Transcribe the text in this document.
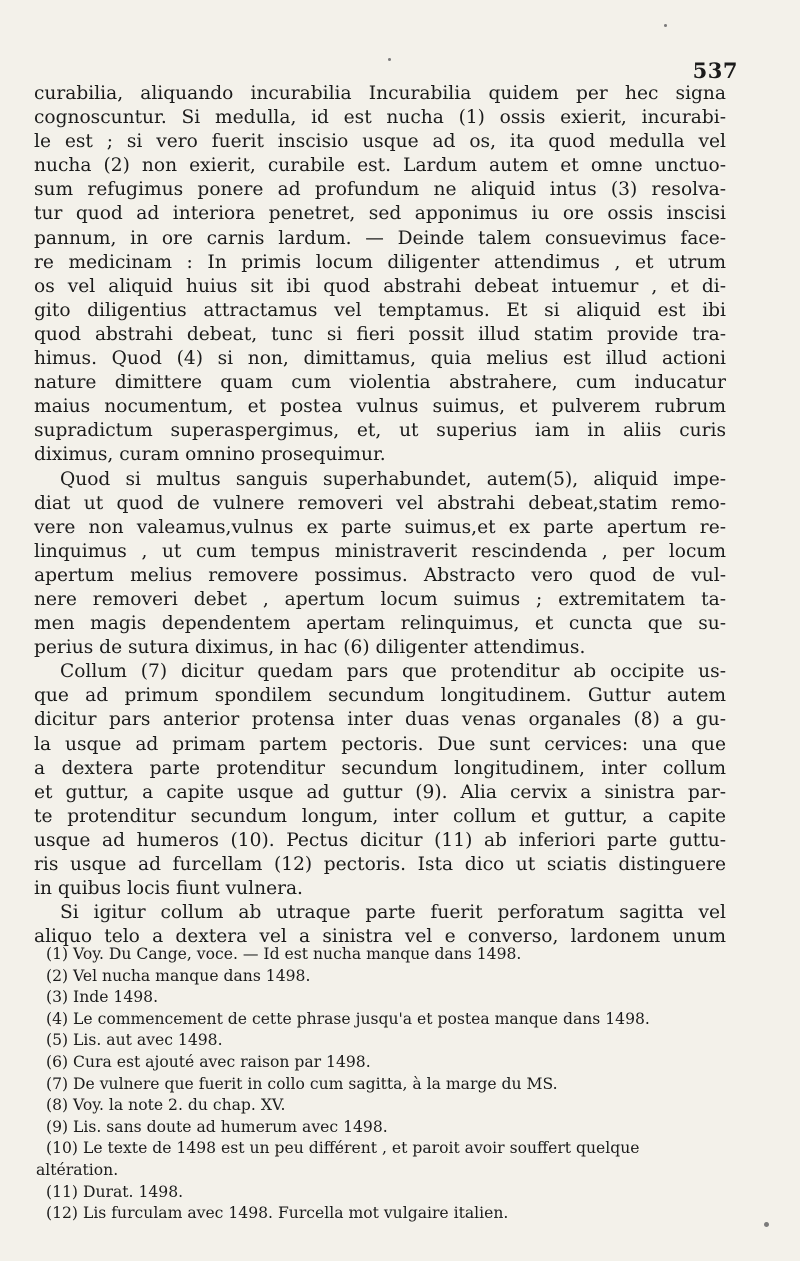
537
curabilia, aliquando incurabilia Incurabilia quidem per hec signa
cognoscuntur. Si medulla, id est nucha (1) ossis exierit, incurabi-
le est ; si vero fuerit inscisio usque ad os, ita quod medulla vel
nucha (2) non exierit, curabile est. Lardum autem et omne unctuo-
sum refugimus ponere ad profundum ne aliquid intus (3) resolva-
tur quod ad interiora penetret, sed apponimus iu ore ossis inscisi
pannum, in ore carnis lardum. — Deinde talem consuevimus face-
re medicinam : In primis locum diligenter attendimus , et utrum
os vel aliquid huius sit ibi quod abstrahi debeat intuemur , et di-
gito diligentius attractamus vel temptamus. Et si aliquid est ibi
quod abstrahi debeat, tunc si fieri possit illud statim provide tra-
himus. Quod (4) si non, dimittamus, quia melius est illud actioni
nature dimittere quam cum violentia abstrahere, cum inducatur
maius nocumentum, et postea vulnus suimus, et pulverem rubrum
supradictum superaspergimus, et, ut superius iam in aliis curis
diximus, curam omnino prosequimur.
Quod si multus sanguis superhabundet, autem(5), aliquid impe-
diat ut quod de vulnere removeri vel abstrahi debeat,statim remo-
vere non valeamus,vulnus ex parte suimus,et ex parte apertum re-
linquimus , ut cum tempus ministraverit rescindenda , per locum
apertum melius removere possimus. Abstracto vero quod de vul-
nere removeri debet , apertum locum suimus ; extremitatem ta-
men magis dependentem apertam relinquimus, et cuncta que su-
perius de sutura diximus, in hac (6) diligenter attendimus.
Collum (7) dicitur quedam pars que protenditur ab occipite us-
que ad primum spondilem secundum longitudinem. Guttur autem
dicitur pars anterior protensa inter duas venas organales (8) a gu-
la usque ad primam partem pectoris. Due sunt cervices: una que
a dextera parte protenditur secundum longitudinem, inter collum
et guttur, a capite usque ad guttur (9). Alia cervix a sinistra par-
te protenditur secundum longum, inter collum et guttur, a capite
usque ad humeros (10). Pectus dicitur (11) ab inferiori parte guttu-
ris usque ad furcellam (12) pectoris. Ista dico ut sciatis distinguere
in quibus locis fiunt vulnera.
Si igitur collum ab utraque parte fuerit perforatum sagitta vel
aliquo telo a dextera vel a sinistra vel e converso, lardonem unum
(1) Voy. Du Cange, voce. — Id est nucha manque dans 1498.
(2) Vel nucha manque dans 1498.
(3) Inde 1498.
(4) Le commencement de cette phrase jusqu'a et postea manque dans 1498.
(5) Lis. aut avec 1498.
(6) Cura est ajouté avec raison par 1498.
(7) De vulnere que fuerit in collo cum sagitta, à la marge du MS.
(8) Voy. la note 2. du chap. XV.
(9) Lis. sans doute ad humerum avec 1498.
(10) Le texte de 1498 est un peu différent , et paroit avoir souffert quelque
altération.
(11) Durat. 1498.
(12) Lis furculam avec 1498. Furcella mot vulgaire italien.
